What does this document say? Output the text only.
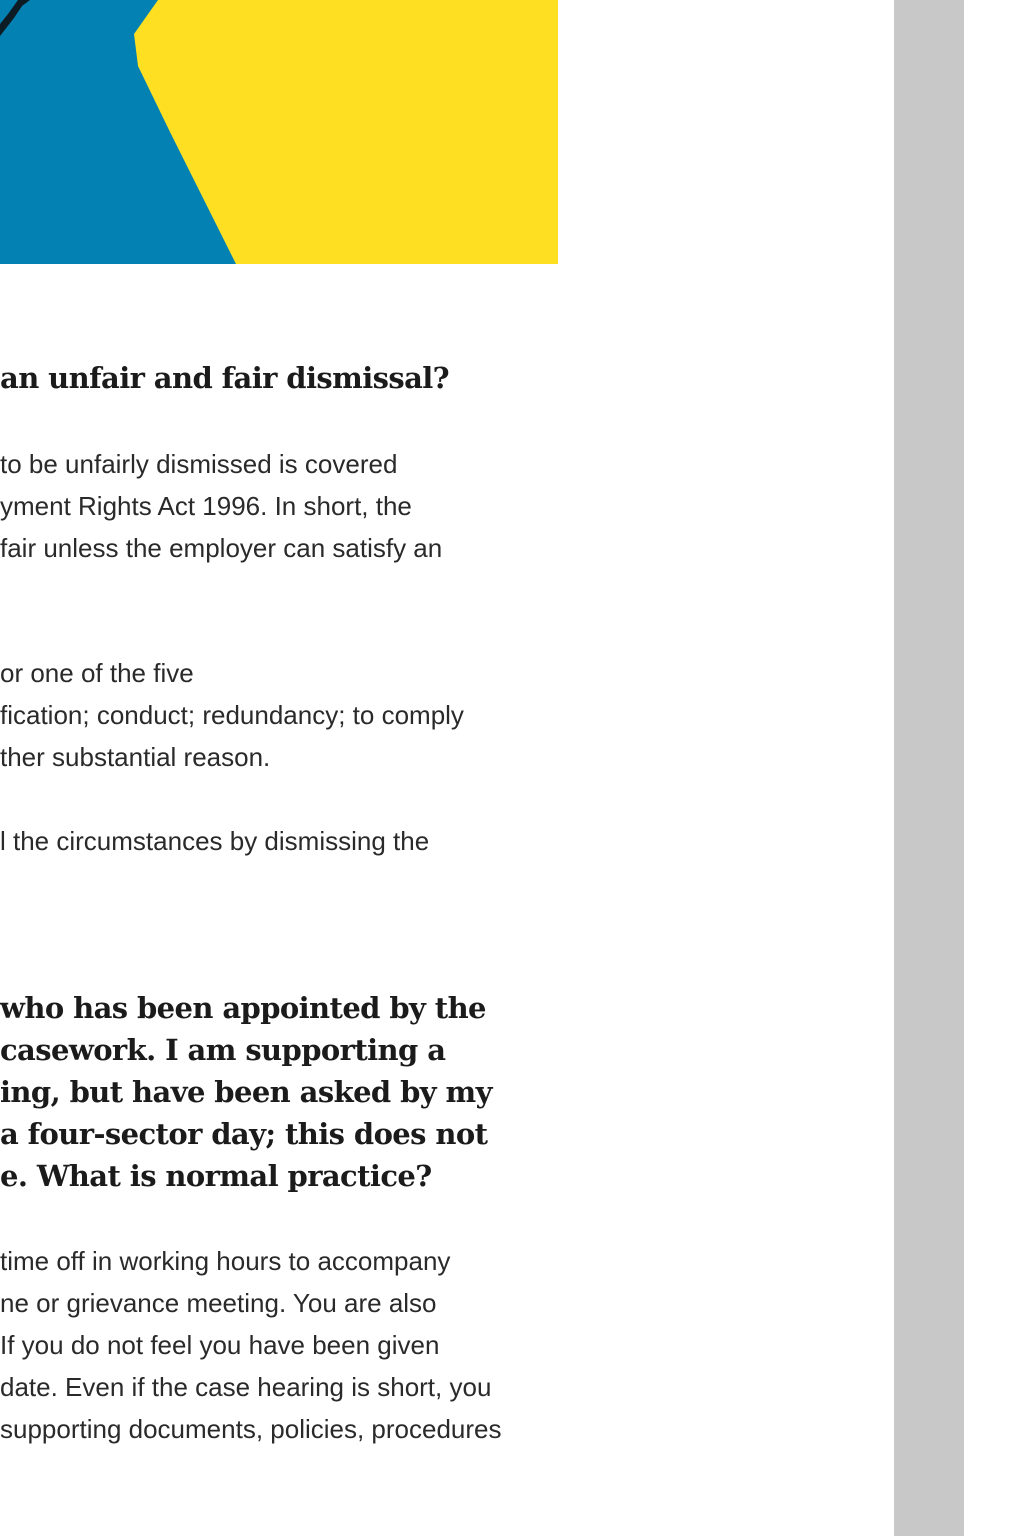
an unfair and fair dismissal?

to be unfairly dismissed is covered
yment Rights Act 1996. In short, the
fair unless the employer can satisfy an

or one of the five
fication; conduct; redundancy; to comply
ther substantial reason.

l the circumstances by dismissing the

who has been appointed by the
casework. I am supporting a
ing, but have been asked by my
a four-sector day; this does not
e. What is normal practice?

time off in working hours to accompany
ne or grievance meeting. You are also
If you do not feel you have been given
date. Even if the case hearing is short, you
supporting documents, policies, procedures
